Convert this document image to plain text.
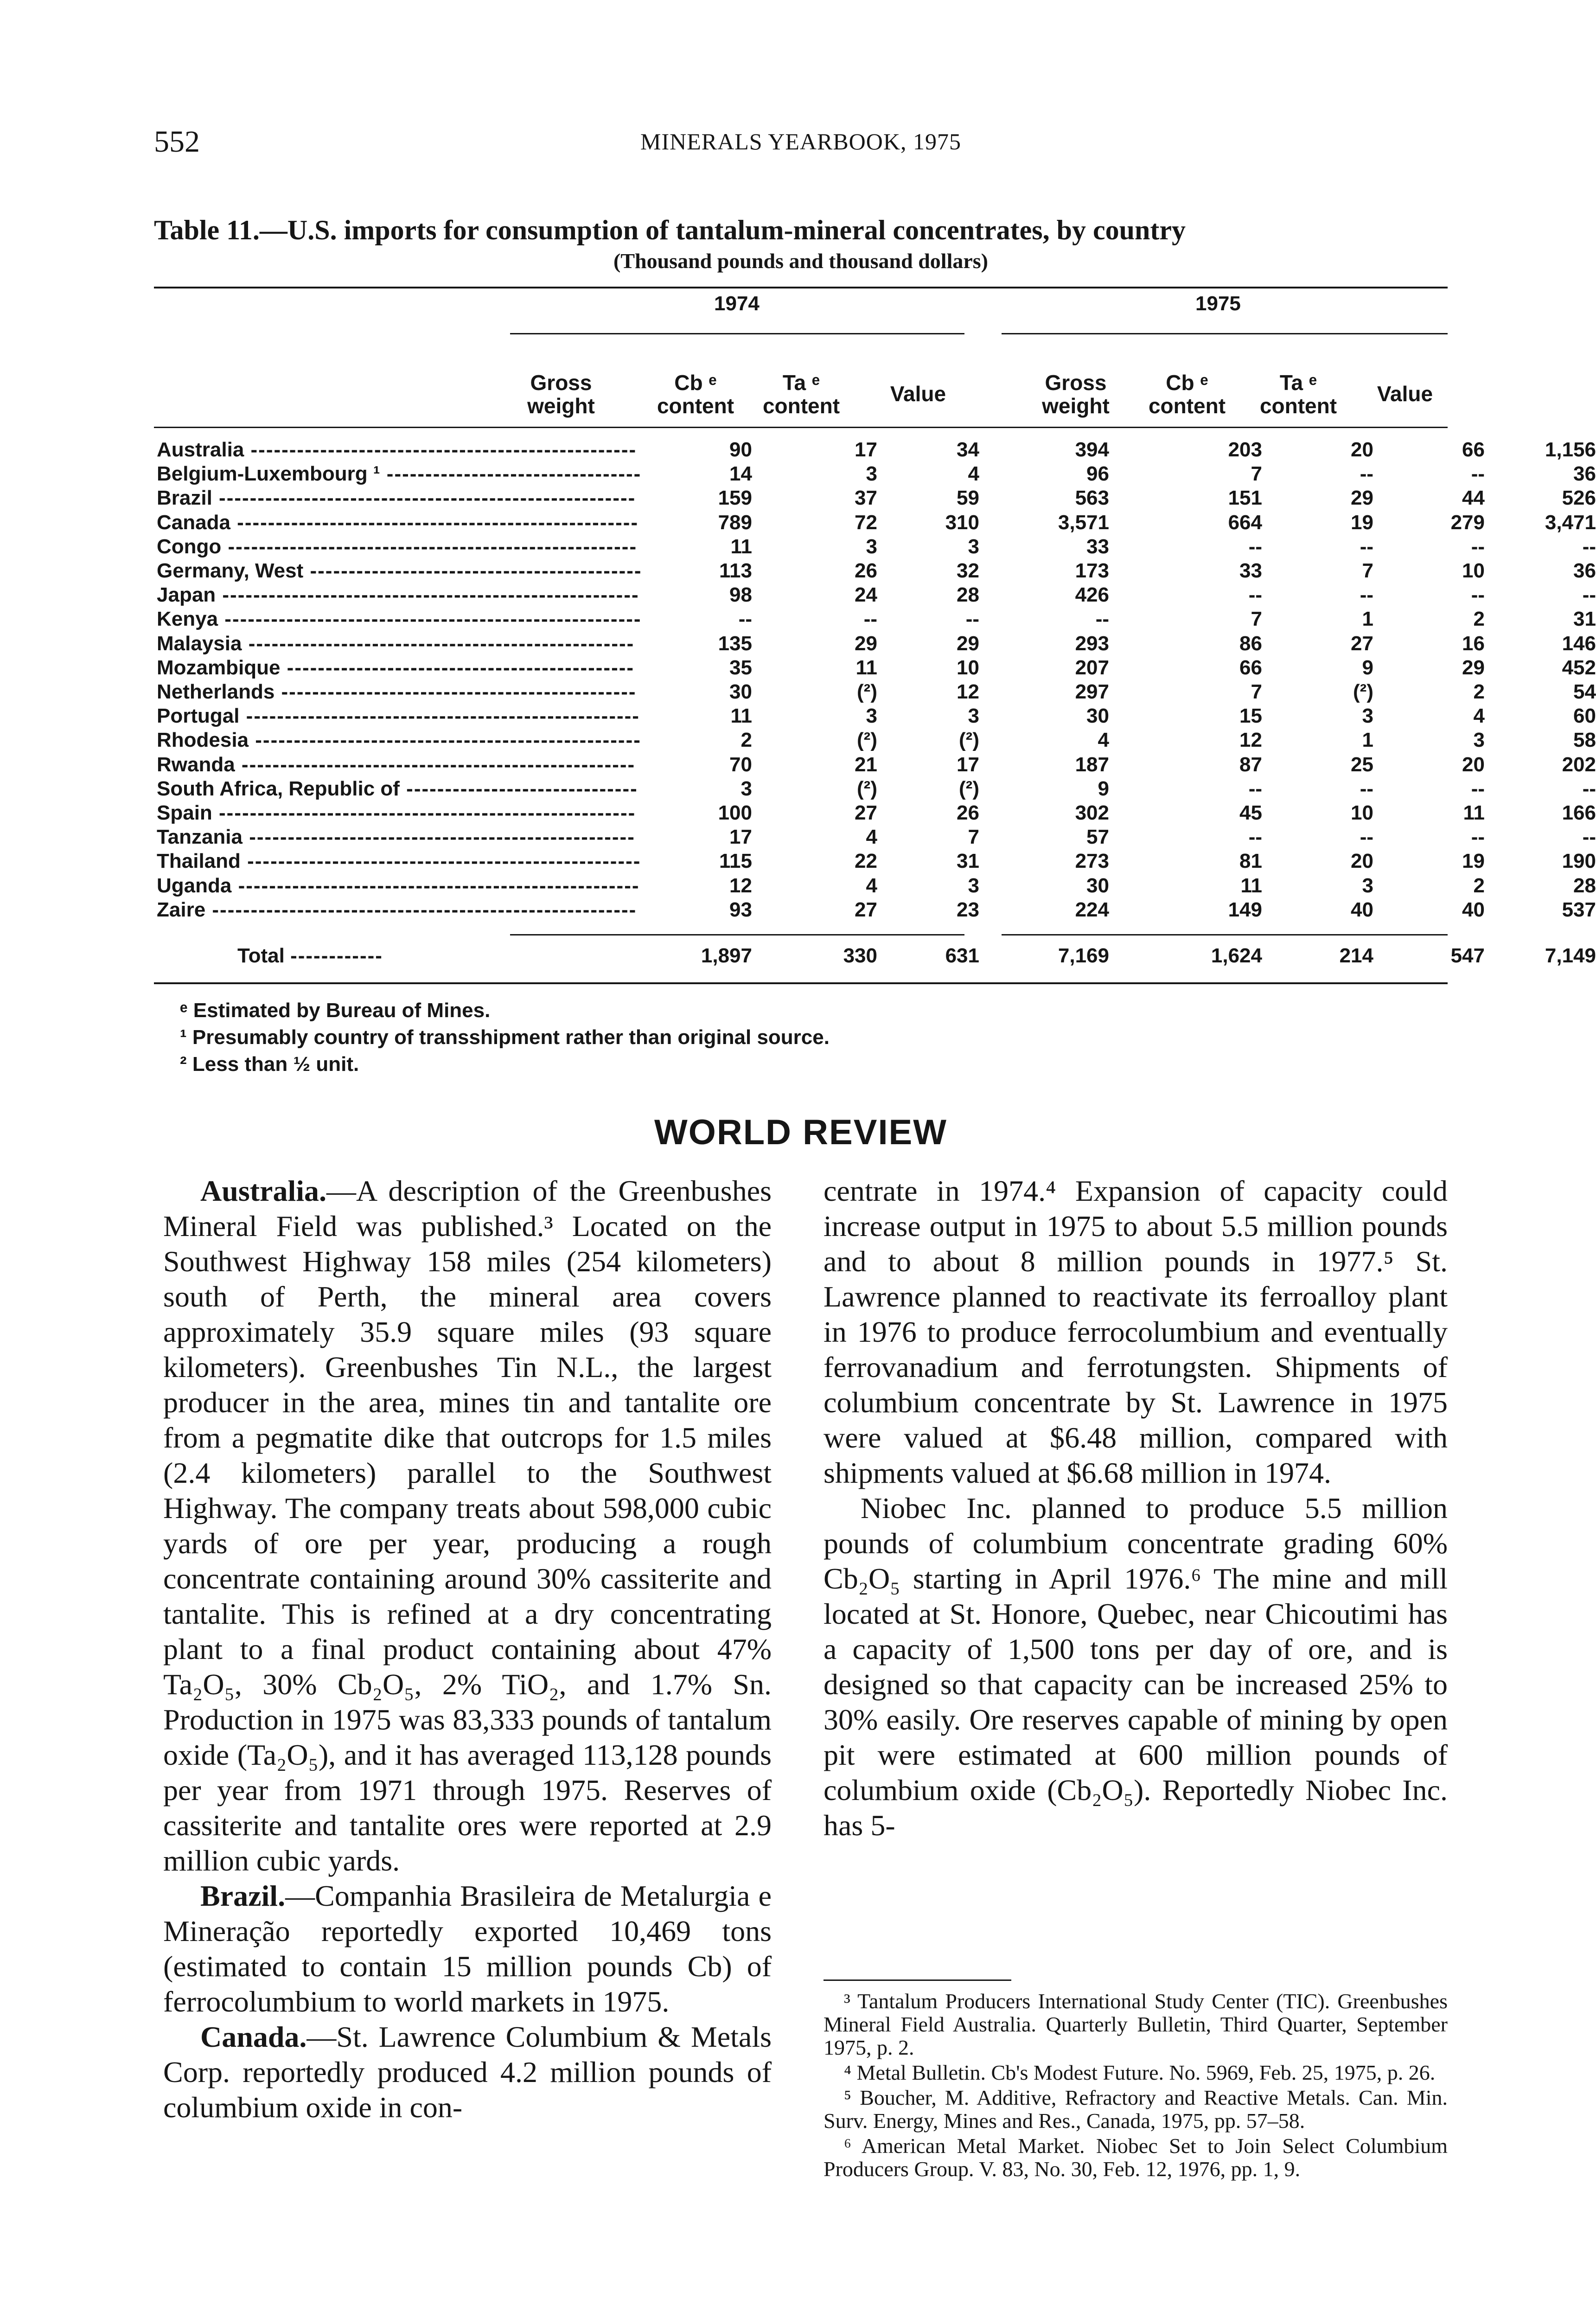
552	MINERALS YEARBOOK, 1975
Table 11.—U.S. imports for consumption of tantalum-mineral concentrates, by country
(Thousand pounds and thousand dollars)
1974	1975
Gross
weight
Cb ᵉ
content
Ta ᵉ
content	Value	Gross
weight
Cb ᵉ
content
Ta ᵉ
content	Value
Australia --------------------------------------------------	90	17	34	394	203	20	66	1,156
Belgium-Luxembourg ¹ ---------------------------------	14	3	4	96	7	--	--	36
Brazil ------------------------------------------------------	159	37	59	563	151	29	44	526
Canada ----------------------------------------------------	789	72	310	3,571	664	19	279	3,471
Congo -----------------------------------------------------	11	3	3	33	--	--	--	--
Germany, West -------------------------------------------	113	26	32	173	33	7	10	36
Japan ------------------------------------------------------	98	24	28	426	--	--	--	--
Kenya ------------------------------------------------------	--	--	--	--	7	1	2	31
Malaysia --------------------------------------------------	135	29	29	293	86	27	16	146
Mozambique ---------------------------------------------	35	11	10	207	66	9	29	452
Netherlands ----------------------------------------------	30	(²)	12	297	7	(²)	2	54
Portugal ---------------------------------------------------	11	3	3	30	15	3	4	60
Rhodesia --------------------------------------------------	2	(²)	(²)	4	12	1	3	58
Rwanda ---------------------------------------------------	70	21	17	187	87	25	20	202
South Africa, Republic of ------------------------------	3	(²)	(²)	9	--	--	--	--
Spain ------------------------------------------------------	100	27	26	302	45	10	11	166
Tanzania --------------------------------------------------	17	4	7	57	--	--	--	--
Thailand ---------------------------------------------------	115	22	31	273	81	20	19	190
Uganda ----------------------------------------------------	12	4	3	30	11	3	2	28
Zaire -------------------------------------------------------	93	27	23	224	149	40	40	537
Total ------------	1,897	330	631	7,169	1,624	214	547	7,149
ᵉ Estimated by Bureau of Mines.
¹ Presumably country of transshipment rather than original source.
² Less than ½ unit.
WORLD REVIEW

Australia.—A description of the Greenbushes Mineral Field was published.³ Located on the Southwest Highway 158 miles (254 kilometers) south of Perth, the mineral area covers approximately 35.9 square miles (93 square kilometers). Greenbushes Tin N.L., the largest producer in the area, mines tin and tantalite ore from a pegmatite dike that outcrops for 1.5 miles (2.4 kilometers) parallel to the Southwest Highway. The company treats about 598,000 cubic yards of ore per year, producing a rough concentrate containing around 30% cassiterite and tantalite. This is refined at a dry concentrating plant to a final product containing about 47% Ta₂O₅, 30% Cb₂O₅, 2% TiO₂, and 1.7% Sn. Production in 1975 was 83,333 pounds of tantalum oxide (Ta₂O₅), and it has averaged 113,128 pounds per year from 1971 through 1975. Reserves of cassiterite and tantalite ores were reported at 2.9 million cubic yards.

Brazil.—Companhia Brasileira de Metalurgia e Mineração reportedly exported 10,469 tons (estimated to contain 15 million pounds Cb) of ferrocolumbium to world markets in 1975.

Canada.—St. Lawrence Columbium & Metals Corp. reportedly produced 4.2 million pounds of columbium oxide in con-

centrate in 1974.⁴ Expansion of capacity could increase output in 1975 to about 5.5 million pounds and to about 8 million pounds in 1977.⁵ St. Lawrence planned to reactivate its ferroalloy plant in 1976 to produce ferrocolumbium and eventually ferrovanadium and ferrotungsten. Shipments of columbium concentrate by St. Lawrence in 1975 were valued at $6.48 million, compared with shipments valued at $6.68 million in 1974.

Niobec Inc. planned to produce 5.5 million pounds of columbium concentrate grading 60% Cb₂O₅ starting in April 1976.⁶ The mine and mill located at St. Honore, Quebec, near Chicoutimi has a capacity of 1,500 tons per day of ore, and is designed so that capacity can be increased 25% to 30% easily. Ore reserves capable of mining by open pit were estimated at 600 million pounds of columbium oxide (Cb₂O₅). Reportedly Niobec Inc. has 5-

³ Tantalum Producers International Study Center (TIC). Greenbushes Mineral Field Australia. Quarterly Bulletin, Third Quarter, September 1975, p. 2.

⁴ Metal Bulletin. Cb's Modest Future. No. 5969, Feb. 25, 1975, p. 26.

⁵ Boucher, M. Additive, Refractory and Reactive Metals. Can. Min. Surv. Energy, Mines and Res., Canada, 1975, pp. 57–58.

⁶ American Metal Market. Niobec Set to Join Select Columbium Producers Group. V. 83, No. 30, Feb. 12, 1976, pp. 1, 9.
